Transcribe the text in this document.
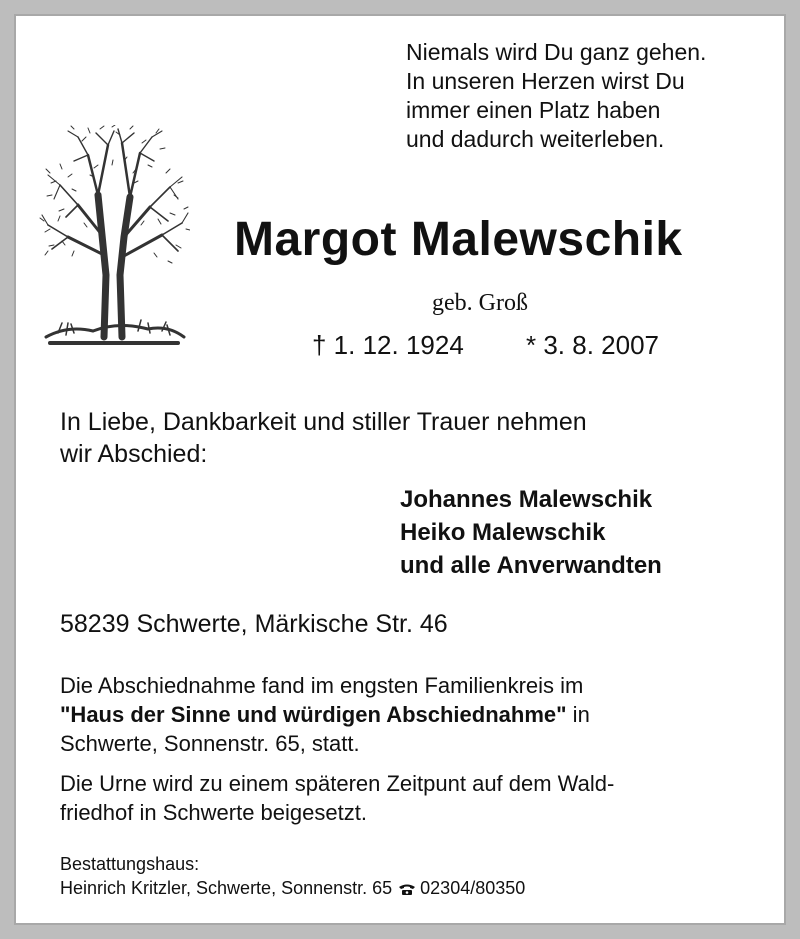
Niemals wird Du ganz gehen.
In unseren Herzen wirst Du
immer einen Platz haben
und dadurch weiterleben.
Margot Malewschik
geb. Groß
† 1. 12. 1924 * 3. 8. 2007
In Liebe, Dankbarkeit und stiller Trauer nehmen
wir Abschied:
Johannes Malewschik
Heiko Malewschik
und alle Anverwandten
58239 Schwerte, Märkische Str. 46
Die Abschiednahme fand im engsten Familienkreis im
"Haus der Sinne und würdigen Abschiednahme" in
Schwerte, Sonnenstr. 65, statt.
Die Urne wird zu einem späteren Zeitpunt auf dem Wald-
friedhof in Schwerte beigesetzt.
Bestattungshaus:
Heinrich Kritzler, Schwerte, Sonnenstr. 65 02304/80350
